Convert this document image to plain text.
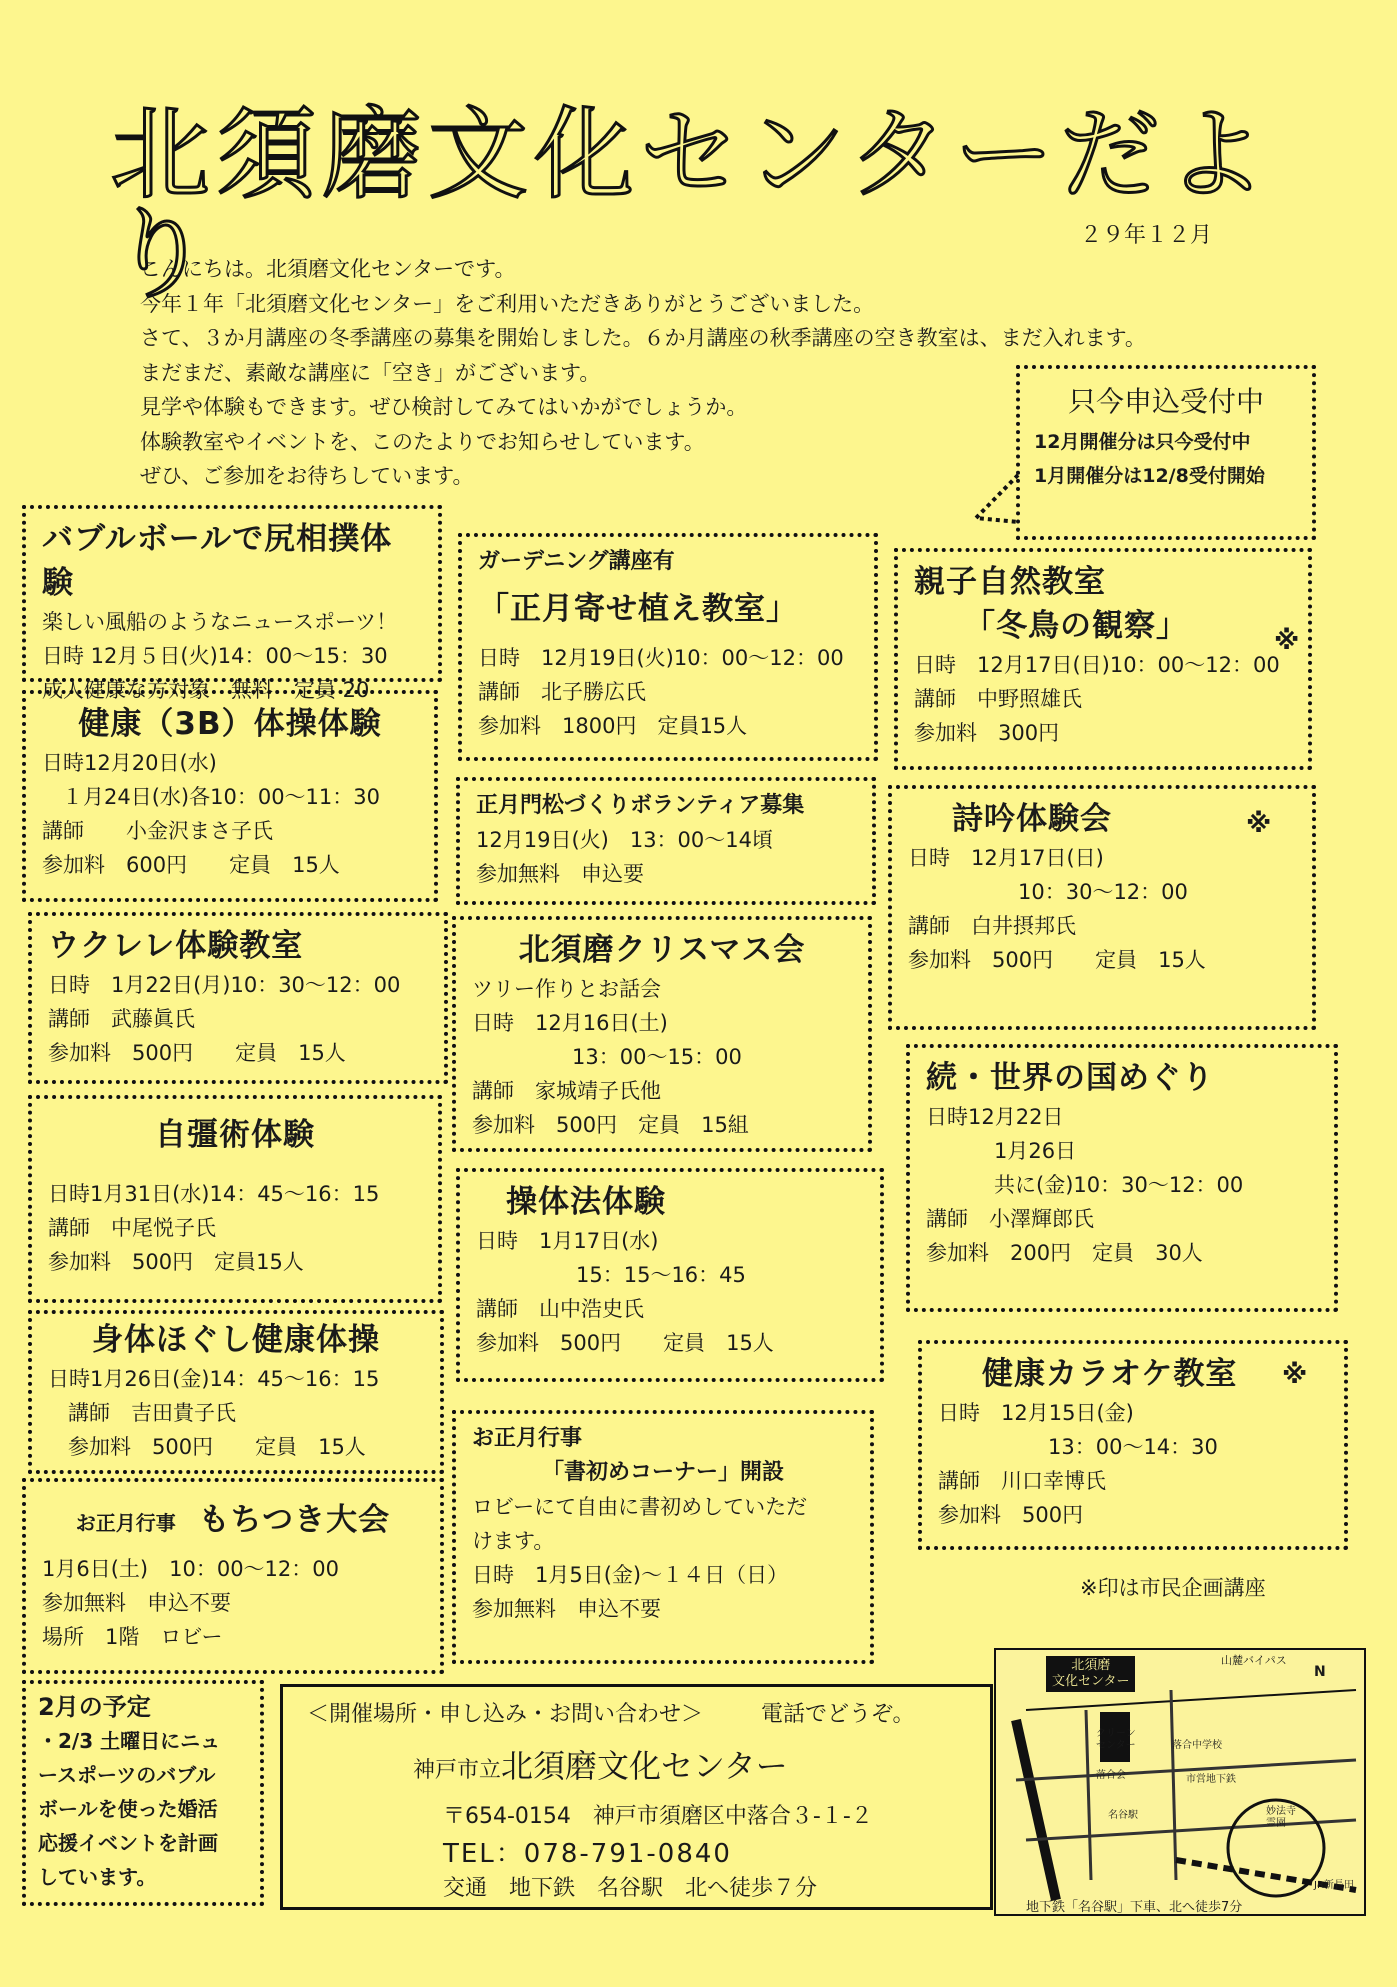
北須磨文化センターだより	２９年１２月
こんにちは。北須磨文化センターです。
今年１年「北須磨文化センター」をご利用いただきありがとうございました。
さて、３か月講座の冬季講座の募集を開始しました。６か月講座の秋季講座の空き教室は、まだ入れます。
まだまだ、素敵な講座に「空き」がございます。
見学や体験もできます。ぜひ検討してみてはいかがでしょうか。
体験教室やイベントを、このたよりでお知らせしています。
ぜひ、ご参加をお待ちしています。
只今申込受付中
12月開催分は只今受付中
1月開催分は12/8受付開始
バブルボールで尻相撲体験
楽しい風船のようなニュースポーツ！
日時 12月５日(火)14：00～15：30
成人健康な方対象　無料　定員 20
健康（3B）体操体験
日時12月20日(水)
１月24日(水)各10：00～11：30
講師　　小金沢まさ子氏
参加料　600円　　定員　15人
ウクレレ体験教室
日時　1月22日(月)10：30～12：00
講師　武藤眞氏
参加料　500円　　定員　15人
自彊術体験
日時1月31日(水)14：45～16：15
講師　中尾悦子氏
参加料　500円　定員15人
身体ほぐし健康体操
日時1月26日(金)14：45～16：15
講師　吉田貴子氏
参加料　500円　　定員　15人
お正月行事 もちつき大会
1月6日(土)　10：00～12：00
参加無料　申込不要
場所　1階　ロビー
2月の予定
・2/3 土曜日にニュ
ースポーツのバブル
ボールを使った婚活
応援イベントを計画
しています。
ガーデニング講座有
「正月寄せ植え教室」
日時　12月19日(火)10：00～12：00
講師　北子勝広氏
参加料　1800円　定員15人
正月門松づくりボランティア募集
12月19日(火)　13：00～14頃
参加無料　申込要
北須磨クリスマス会
ツリー作りとお話会
日時　12月16日(土)
13：00～15：00
講師　家城靖子氏他
参加料　500円　定員　15組
操体法体験
日時　1月17日(水)
15：15～16：45
講師　山中浩史氏
参加料　500円　　定員　15人
お正月行事
「書初めコーナー」開設
ロビーにて自由に書初めしていただ
けます。
日時　1月5日(金)～１４日（日）
参加無料　申込不要
親子自然教室
「冬鳥の観察」
日時　12月17日(日)10：00～12：00
講師　中野照雄氏
参加料　300円
※
詩吟体験会
日時　12月17日(日)
10：30～12：00
講師　白井摂邦氏
参加料　500円　　定員　15人
※
続・世界の国めぐり
日時12月22日
1月26日
共に(金)10：30～12：00
講師　小澤輝郎氏
参加料　200円　定員　30人
健康カラオケ教室
日時　12月15日(金)
13：00～14：30
講師　川口幸博氏
参加料　500円
※
※印は市民企画講座
＜開催場所・申し込み・お問い合わせ＞	電話でどうぞ。
神戸市立北須磨文化センター
〒654-0154　神戸市須磨区中落合３-１-２
TEL：078-791-0840
交通　地下鉄　名谷駅　北へ徒歩７分
北須磨
文化センター
山麓バイパス
N
クリーン
センター	落合中学校
落合会	市営地下鉄
名谷駅	妙法寺
霊園
JR新長田
地下鉄「名谷駅」下車、北へ徒歩7分
